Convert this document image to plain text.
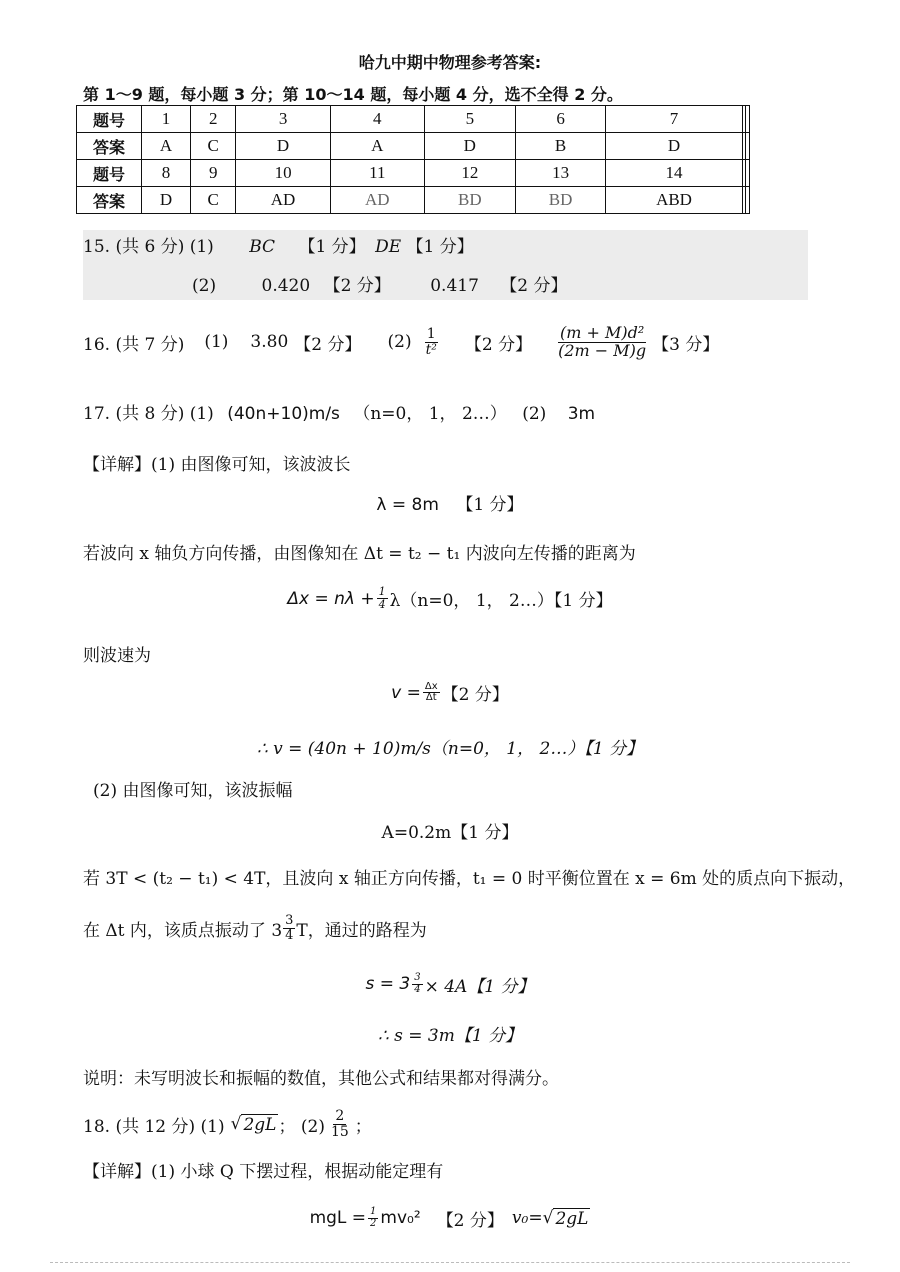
哈九中期中物理参考答案:
第 1～9 题，每小题 3 分；第 10～14 题，每小题 4 分，选不全得 2 分。
题号	1	2	3	4	5	6	7		
答案	A	C	D	A	D	B	D		
题号	8	9	10	11	12	13	14		
答案	D	C	AD	AD	BD	BD	ABD		
15. (共 6 分) (1) BC 【1 分】 DE 【1 分】
(2)	0.420 【2 分】 0.417 【2 分】
16. (共 7 分) (1) 3.80 【2 分】 $(2) \frac{1}{\text{t²}}$ 【2 分】 $\frac{\text{(m + M)d²}}{(2m - M)g}$ 【3 分】
17. (共 8 分) (1) (40n+10)m/s （n=0， 1， 2…） (2) 3m
【详解】(1) 由图像可知，该波波长
λ = 8m 【1 分】
若波向 x 轴负方向传播，由图像知在 Δt = t₂ − t₁ 内波向左传播的距离为
$\Delta x = n\lambda + \frac{1}{4} \lambda(n=0$， 1， 2…）【1 分】
则波速为
$v = \frac{\Delta x}{\Delta t}$ 【2 分】
∴ v = (40n + 10)m/s（n=0， 1， 2…）【1 分】
(2) 由图像可知，该波振幅
A=0.2m【1 分】
若 3T < (t₂ − t₁) < 4T，且波向 x 轴正方向传播，t₁ = 0 时平衡位置在 x = 6m 处的质点向下振动，
在 Δt 内，该质点振动了 $3 \frac{3}{4}$ T，通过的路程为
$s = 3 \frac{3}{4} \times 4A$【1 分】
∴ s = 3m【1 分】
说明：未写明波长和振幅的数值，其他公式和结果都对得满分。
18. (共 12 分) (1) √ 2gL ； $(2) \frac{2}{15}$ ；
【详解】(1) 小球 Q 下摆过程，根据动能定理有
mgL = $\frac{1}{2} mv_0^2$ 【2 分】 v₀= √ 2gL
